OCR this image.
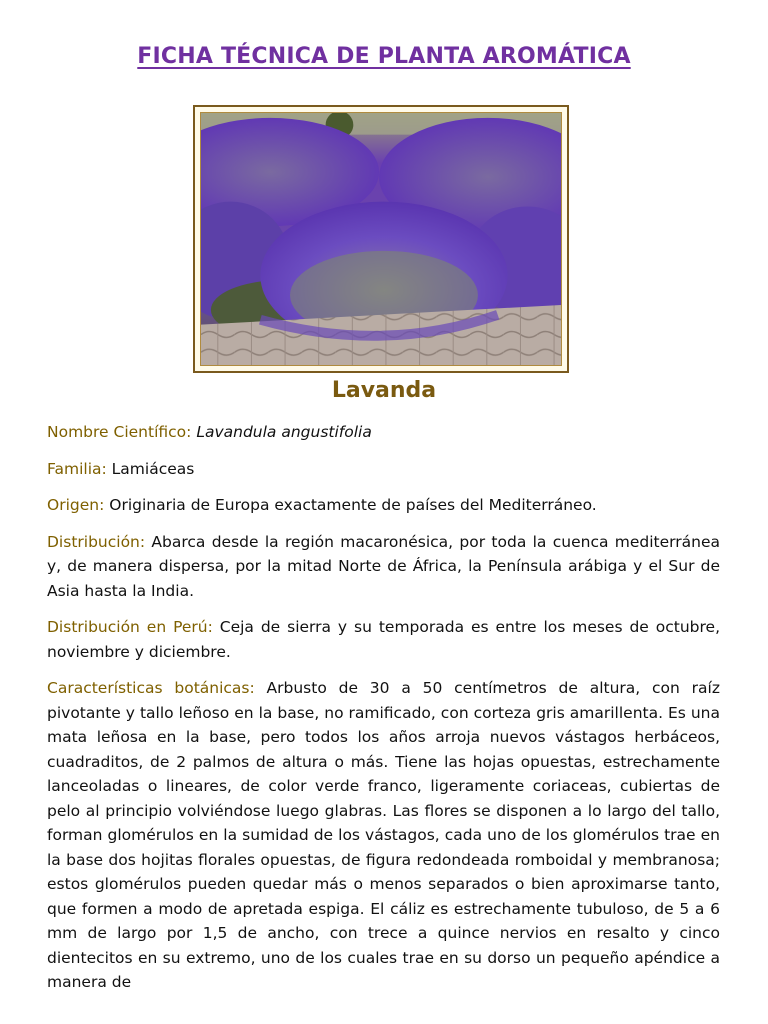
FICHA TÉCNICA DE PLANTA AROMÁTICA
Lavanda

Nombre Científico: Lavandula angustifolia

Familia: Lamiáceas

Origen: Originaria de Europa exactamente de países del Mediterráneo.

Distribución: Abarca desde la región macaronésica, por toda la cuenca mediterránea y, de manera dispersa, por la mitad Norte de África, la Península arábiga y el Sur de Asia hasta la India.

Distribución en Perú: Ceja de sierra y su temporada es entre los meses de octubre, noviembre y diciembre.

Características botánicas: Arbusto de 30 a 50 centímetros de altura, con raíz pivotante y tallo leñoso en la base, no ramificado, con corteza gris amarillenta. Es una mata leñosa en la base, pero todos los años arroja nuevos vástagos herbáceos, cuadraditos, de 2 palmos de altura o más. Tiene las hojas opuestas, estrechamente lanceoladas o lineares, de color verde franco, ligeramente coriaceas, cubiertas de pelo al principio volviéndose luego glabras. Las flores se disponen a lo largo del tallo, forman glomérulos en la sumidad de los vástagos, cada uno de los glomérulos trae en la base dos hojitas florales opuestas, de figura redondeada romboidal y membranosa; estos glomérulos pueden quedar más o menos separados o bien aproximarse tanto, que formen a modo de apretada espiga. El cáliz es estrechamente tubuloso, de 5 a 6 mm de largo por 1,5 de ancho, con trece a quince nervios en resalto y cinco dientecitos en su extremo, uno de los cuales trae en su dorso un pequeño apéndice a manera de
